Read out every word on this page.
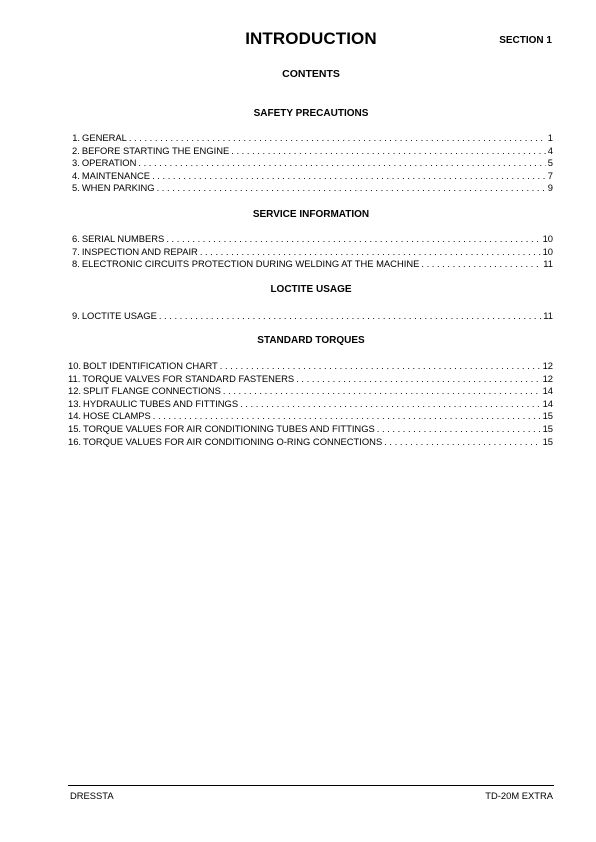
INTRODUCTION	SECTION 1
CONTENTS
SAFETY PRECAUTIONS
1. GENERAL . . .	1
2. BEFORE STARTING THE ENGINE . . .	4
3. OPERATION . . .	5
4. MAINTENANCE . . .	7
5. WHEN PARKING . . .	9
SERVICE INFORMATION
6. SERIAL NUMBERS . . .	10
7. INSPECTION AND REPAIR . . .	10
8. ELECTRONIC CIRCUITS PROTECTION DURING WELDING AT THE MACHINE . . .	11
LOCTITE USAGE
9. LOCTITE USAGE . . .	11
STANDARD TORQUES
10. BOLT IDENTIFICATION CHART . . .	12
11. TORQUE VALVES FOR STANDARD FASTENERS . . .	12
12. SPLIT FLANGE CONNECTIONS . . .	14
13. HYDRAULIC TUBES AND FITTINGS . . .	14
14. HOSE CLAMPS . . .	15
15. TORQUE VALUES FOR AIR CONDITIONING TUBES AND FITTINGS . . .	15
16. TORQUE VALUES FOR AIR CONDITIONING O-RING CONNECTIONS . . .	15
DRESSTA	TD-20M EXTRA
